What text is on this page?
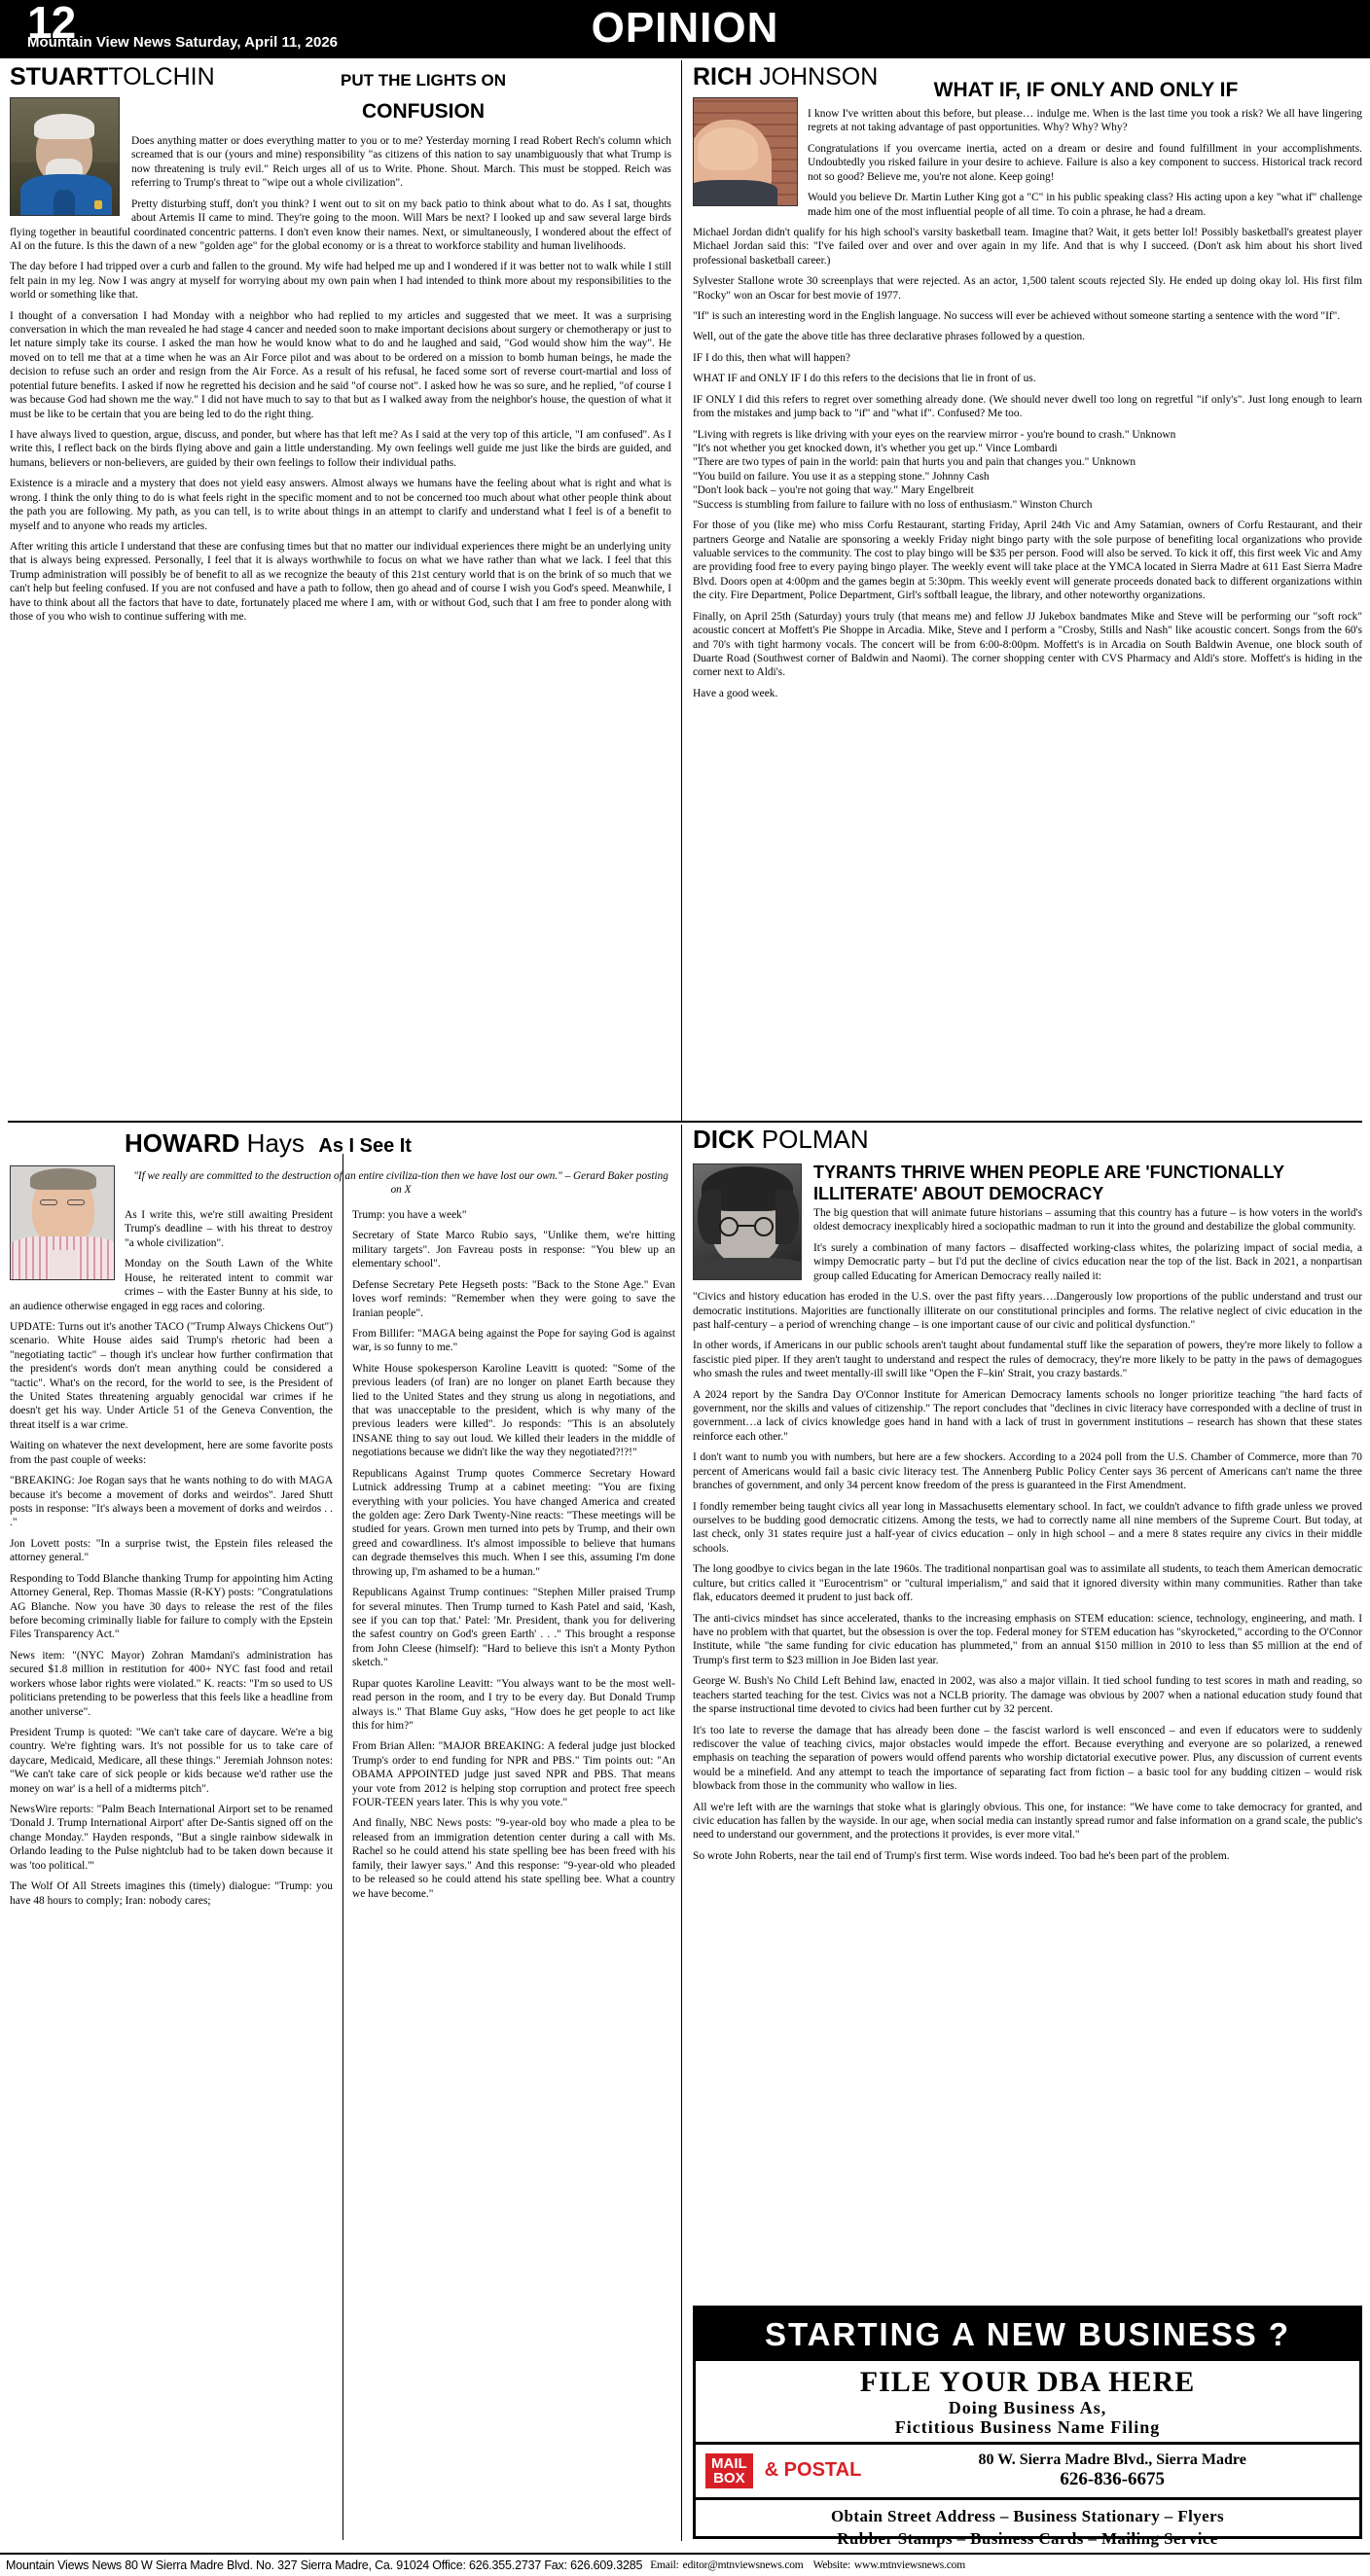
12
Mountain View News Saturday, April 11, 2026	OPINION
STUARTTOLCHIN	PUT THE LIGHTS ON
CONFUSION

Does anything matter or does everything matter to you or to me? Yesterday morning I read Robert Rech's column which screamed that is our (yours and mine) responsibility "as citizens of this nation to say unambiguously that what Trump is now threatening is truly evil." Reich urges all of us to Write. Phone. Shout. March. This must be stopped. Reich was referring to Trump's threat to "wipe out a whole civilization".

Pretty disturbing stuff, don't you think? I went out to sit on my back patio to think about what to do. As I sat, thoughts about Artemis II came to mind. They're going to the moon. Will Mars be next? I looked up and saw several large birds flying together in beautiful coordinated concentric patterns. I don't even know their names. Next, or simultaneously, I wondered about the effect of AI on the future. Is this the dawn of a new "golden age" for the global economy or is a threat to workforce stability and human livelihoods.

The day before I had tripped over a curb and fallen to the ground. My wife had helped me up and I wondered if it was better not to walk while I still felt pain in my leg. Now I was angry at myself for worrying about my own pain when I had intended to think more about my responsibilities to the world or something like that.

I thought of a conversation I had Monday with a neighbor who had replied to my articles and suggested that we meet. It was a surprising conversation in which the man revealed he had stage 4 cancer and needed soon to make important decisions about surgery or chemotherapy or just to let nature simply take its course. I asked the man how he would know what to do and he laughed and said, "God would show him the way". He moved on to tell me that at a time when he was an Air Force pilot and was about to be ordered on a mission to bomb human beings, he made the decision to refuse such an order and resign from the Air Force. As a result of his refusal, he faced some sort of reverse court-martial and loss of potential future benefits. I asked if now he regretted his decision and he said "of course not". I asked how he was so sure, and he replied, "of course I was because God had shown me the way." I did not have much to say to that but as I walked away from the neighbor's house, the question of what it must be like to be certain that you are being led to do the right thing.

I have always lived to question, argue, discuss, and ponder, but where has that left me? As I said at the very top of this article, "I am confused". As I write this, I reflect back on the birds flying above and gain a little understanding. My own feelings well guide me just like the birds are guided, and humans, believers or non-believers, are guided by their own feelings to follow their individual paths.

Existence is a miracle and a mystery that does not yield easy answers. Almost always we humans have the feeling about what is right and what is wrong. I think the only thing to do is what feels right in the specific moment and to not be concerned too much about what other people think about the path you are following. My path, as you can tell, is to write about things in an attempt to clarify and understand what I feel is of a benefit to myself and to anyone who reads my articles.

After writing this article I understand that these are confusing times but that no matter our individual experiences there might be an underlying unity that is always being expressed. Personally, I feel that it is always worthwhile to focus on what we have rather than what we lack. I feel that this Trump administration will possibly be of benefit to all as we recognize the beauty of this 21st century world that is on the brink of so much that we can't help but feeling confused. If you are not confused and have a path to follow, then go ahead and of course I wish you God's speed. Meanwhile, I have to think about all the factors that have to date, fortunately placed me where I am, with or without God, such that I am free to ponder along with those of you who wish to continue suffering with me.

RICH JOHNSON	WHAT IF, IF ONLY AND ONLY IF

I know I've written about this before, but please… indulge me. When is the last time you took a risk? We all have lingering regrets at not taking advantage of past opportunities. Why? Why? Why?

Congratulations if you overcame inertia, acted on a dream or desire and found fulfillment in your accomplishments. Undoubtedly you risked failure in your desire to achieve. Failure is also a key component to success. Historical track record not so good? Believe me, you're not alone. Keep going!

Would you believe Dr. Martin Luther King got a "C" in his public speaking class? His acting upon a key "what if" challenge made him one of the most influential people of all time. To coin a phrase, he had a dream.

Michael Jordan didn't qualify for his high school's varsity basketball team. Imagine that? Wait, it gets better lol! Possibly basketball's greatest player Michael Jordan said this: "I've failed over and over and over again in my life. And that is why I succeed. (Don't ask him about his short lived professional basketball career.)

Sylvester Stallone wrote 30 screenplays that were rejected. As an actor, 1,500 talent scouts rejected Sly. He ended up doing okay lol. His first film "Rocky" won an Oscar for best movie of 1977.

"If" is such an interesting word in the English language. No success will ever be achieved without someone starting a sentence with the word "If".

Well, out of the gate the above title has three declarative phrases followed by a question.

IF I do this, then what will happen?

WHAT IF and ONLY IF I do this refers to the decisions that lie in front of us.

IF ONLY I did this refers to regret over something already done. (We should never dwell too long on regretful "if only's". Just long enough to learn from the mistakes and jump back to "if" and "what if". Confused? Me too.

"Living with regrets is like driving with your eyes on the rearview mirror - you're bound to crash." Unknown
"It's not whether you get knocked down, it's whether you get up." Vince Lombardi
"There are two types of pain in the world: pain that hurts you and pain that changes you." Unknown
"You build on failure. You use it as a stepping stone." Johnny Cash
"Don't look back – you're not going that way." Mary Engelbreit
"Success is stumbling from failure to failure with no loss of enthusiasm." Winston Church

For those of you (like me) who miss Corfu Restaurant, starting Friday, April 24th Vic and Amy Satamian, owners of Corfu Restaurant, and their partners George and Natalie are sponsoring a weekly Friday night bingo party with the sole purpose of benefiting local organizations who provide valuable services to the community. The cost to play bingo will be $35 per person. Food will also be served. To kick it off, this first week Vic and Amy are providing food free to every paying bingo player. The weekly event will take place at the YMCA located in Sierra Madre at 611 East Sierra Madre Blvd. Doors open at 4:00pm and the games begin at 5:30pm. This weekly event will generate proceeds donated back to different organizations within the city. Fire Department, Police Department, Girl's softball league, the library, and other noteworthy organizations.

Finally, on April 25th (Saturday) yours truly (that means me) and fellow JJ Jukebox bandmates Mike and Steve will be performing our "soft rock" acoustic concert at Moffett's Pie Shoppe in Arcadia. Mike, Steve and I perform a "Crosby, Stills and Nash" like acoustic concert. Songs from the 60's and 70's with tight harmony vocals. The concert will be from 6:00-8:00pm. Moffett's is in Arcadia on South Baldwin Avenue, one block south of Duarte Road (Southwest corner of Baldwin and Naomi). The corner shopping center with CVS Pharmacy and Aldi's store. Moffett's is hiding in the corner next to Aldi's.

Have a good week.

HOWARD Hays As I See It
"If we really are committed to the destruction of an entire civiliza-tion then we have lost our own." – Gerard Baker posting on X

As I write this, we're still awaiting President Trump's deadline – with his threat to destroy "a whole civilization".

Monday on the South Lawn of the White House, he reiterated intent to commit war crimes – with the Easter Bunny at his side, to an audience otherwise engaged in egg races and coloring.

UPDATE: Turns out it's another TACO ("Trump Always Chickens Out") scenario. White House aides said Trump's rhetoric had been a "negotiating tactic" – though it's unclear how further confirmation that the president's words don't mean anything could be considered a "tactic". What's on the record, for the world to see, is the President of the United States threatening arguably genocidal war crimes if he doesn't get his way. Under Article 51 of the Geneva Convention, the threat itself is a war crime.

Waiting on whatever the next development, here are some favorite posts from the past couple of weeks:

"BREAKING: Joe Rogan says that he wants nothing to do with MAGA because it's become a movement of dorks and weirdos". Jared Shutt posts in response: "It's always been a movement of dorks and weirdos . . ."

Jon Lovett posts: "In a surprise twist, the Epstein files released the attorney general."

Responding to Todd Blanche thanking Trump for appointing him Acting Attorney General, Rep. Thomas Massie (R-KY) posts: "Congratulations AG Blanche. Now you have 30 days to release the rest of the files before becoming criminally liable for failure to comply with the Epstein Files Transparency Act."

News item: "(NYC Mayor) Zohran Mamdani's administration has secured $1.8 million in restitution for 400+ NYC fast food and retail workers whose labor rights were violated." K. reacts: "I'm so used to US politicians pretending to be powerless that this feels like a headline from another universe".

President Trump is quoted: "We can't take care of daycare. We're a big country. We're fighting wars. It's not possible for us to take care of daycare, Medicaid, Medicare, all these things." Jeremiah Johnson notes: "We can't take care of sick people or kids because we'd rather use the money on war' is a hell of a midterms pitch".

NewsWire reports: "Palm Beach International Airport set to be renamed 'Donald J. Trump International Airport' after De-Santis signed off on the change Monday." Hayden responds, "But a single rainbow sidewalk in Orlando leading to the Pulse nightclub had to be taken down because it was 'too political.'"

The Wolf Of All Streets imagines this (timely) dialogue: "Trump: you have 48 hours to comply; Iran: nobody cares;

Trump: you have a week"

Secretary of State Marco Rubio says, "Unlike them, we're hitting military targets". Jon Favreau posts in response: "You blew up an elementary school".

Defense Secretary Pete Hegseth posts: "Back to the Stone Age." Evan loves worf reminds: "Remember when they were going to save the Iranian people".

From Billifer: "MAGA being against the Pope for saying God is against war, is so funny to me."

White House spokesperson Karoline Leavitt is quoted: "Some of the previous leaders (of Iran) are no longer on planet Earth because they lied to the United States and they strung us along in negotiations, and that was unacceptable to the president, which is why many of the previous leaders were killed". Jo responds: "This is an absolutely INSANE thing to say out loud. We killed their leaders in the middle of negotiations because we didn't like the way they negotiated?!?!"

Republicans Against Trump quotes Commerce Secretary Howard Lutnick addressing Trump at a cabinet meeting: "You are fixing everything with your policies. You have changed America and created the golden age: Zero Dark Twenty-Nine reacts: "These meetings will be studied for years. Grown men turned into pets by Trump, and their own greed and cowardliness. It's almost impossible to believe that humans can degrade themselves this much. When I see this, assuming I'm done throwing up, I'm ashamed to be a human."

Republicans Against Trump continues: "Stephen Miller praised Trump for several minutes. Then Trump turned to Kash Patel and said, 'Kash, see if you can top that.' Patel: 'Mr. President, thank you for delivering the safest country on God's green Earth' . . ." This brought a response from John Cleese (himself): "Hard to believe this isn't a Monty Python sketch."

Rupar quotes Karoline Leavitt: "You always want to be the most well-read person in the room, and I try to be every day. But Donald Trump always is." That Blame Guy asks, "How does he get people to act like this for him?"

From Brian Allen: "MAJOR BREAKING: A federal judge just blocked Trump's order to end funding for NPR and PBS." Tim points out: "An OBAMA APPOINTED judge just saved NPR and PBS. That means your vote from 2012 is helping stop corruption and protect free speech FOUR-TEEN years later. This is why you vote."

And finally, NBC News posts: "9-year-old boy who made a plea to be released from an immigration detention center during a call with Ms. Rachel so he could attend his state spelling bee has been freed with his family, their lawyer says." And this response: "9-year-old who pleaded to be released so he could attend his state spelling bee. What a country we have become."

DICK POLMAN
TYRANTS THRIVE WHEN PEOPLE ARE 'FUNCTIONALLY
ILLITERATE' ABOUT DEMOCRACY

The big question that will animate future historians – assuming that this country has a future – is how voters in the world's oldest democracy inexplicably hired a sociopathic madman to run it into the ground and destabilize the global community.

It's surely a combination of many factors – disaffected working-class whites, the polarizing impact of social media, a wimpy Democratic party – but I'd put the decline of civics education near the top of the list. Back in 2021, a nonpartisan group called Educating for American Democracy really nailed it:

"Civics and history education has eroded in the U.S. over the past fifty years….Dangerously low proportions of the public understand and trust our democratic institutions. Majorities are functionally illiterate on our constitutional principles and forms. The relative neglect of civic education in the past half-century – a period of wrenching change – is one important cause of our civic and political dysfunction."

In other words, if Americans in our public schools aren't taught about fundamental stuff like the separation of powers, they're more likely to follow a fascistic pied piper. If they aren't taught to understand and respect the rules of democracy, they're more likely to be patty in the paws of demagogues who smash the rules and tweet mentally-ill swill like "Open the F–kin' Strait, you crazy bastards."

A 2024 report by the Sandra Day O'Connor Institute for American Democracy laments schools no longer prioritize teaching "the hard facts of government, nor the skills and values of citizenship." The report concludes that "declines in civic literacy have corresponded with a decline of trust in government…a lack of civics knowledge goes hand in hand with a lack of trust in government institutions – research has shown that these states reinforce each other."

I don't want to numb you with numbers, but here are a few shockers. According to a 2024 poll from the U.S. Chamber of Commerce, more than 70 percent of Americans would fail a basic civic literacy test. The Annenberg Public Policy Center says 36 percent of Americans can't name the three branches of government, and only 34 percent know freedom of the press is guaranteed in the First Amendment.

I fondly remember being taught civics all year long in Massachusetts elementary school. In fact, we couldn't advance to fifth grade unless we proved ourselves to be budding good democratic citizens. Among the tests, we had to correctly name all nine members of the Supreme Court. But today, at last check, only 31 states require just a half-year of civics education – only in high school – and a mere 8 states require any civics in their middle schools.

The long goodbye to civics began in the late 1960s. The traditional nonpartisan goal was to assimilate all students, to teach them American democratic culture, but critics called it "Eurocentrism" or "cultural imperialism," and said that it ignored diversity within many communities. Rather than take flak, educators deemed it prudent to just back off.

The anti-civics mindset has since accelerated, thanks to the increasing emphasis on STEM education: science, technology, engineering, and math. I have no problem with that quartet, but the obsession is over the top. Federal money for STEM education has "skyrocketed," according to the O'Connor Institute, while "the same funding for civic education has plummeted," from an annual $150 million in 2010 to less than $5 million at the end of Trump's first term to $23 million in Joe Biden last year.

George W. Bush's No Child Left Behind law, enacted in 2002, was also a major villain. It tied school funding to test scores in math and reading, so teachers started teaching for the test. Civics was not a NCLB priority. The damage was obvious by 2007 when a national education study found that the sparse instructional time devoted to civics had been further cut by 32 percent.

It's too late to reverse the damage that has already been done – the fascist warlord is well ensconced – and even if educators were to suddenly rediscover the value of teaching civics, major obstacles would impede the effort. Because everything and everyone are so polarized, a renewed emphasis on teaching the separation of powers would offend parents who worship dictatorial executive power. Plus, any discussion of current events would be a minefield. And any attempt to teach the importance of separating fact from fiction – a basic tool for any budding citizen – would risk blowback from those in the community who wallow in lies.

All we're left with are the warnings that stoke what is glaringly obvious. This one, for instance: "We have come to take democracy for granted, and civic education has fallen by the wayside. In our age, when social media can instantly spread rumor and false information on a grand scale, the public's need to understand our government, and the protections it provides, is ever more vital."

So wrote John Roberts, near the tail end of Trump's first term. Wise words indeed. Too bad he's been part of the problem.

STARTING A NEW BUSINESS ?
FILE YOUR DBA HERE
Doing Business As,
Fictitious Business Name Filing
MAIL
BOX & POSTAL	80 W. Sierra Madre Blvd., Sierra Madre
626-836-6675
Obtain Street Address – Business Stationary – Flyers
Rubber Stamps – Business Cards – Mailing Service
Mountain Views News 80 W Sierra Madre Blvd. No. 327 Sierra Madre, Ca. 91024 Office: 626.355.2737 Fax: 626.609.3285 Email: editor@mtnviewsnews.com Website: www.mtnviewsnews.com
